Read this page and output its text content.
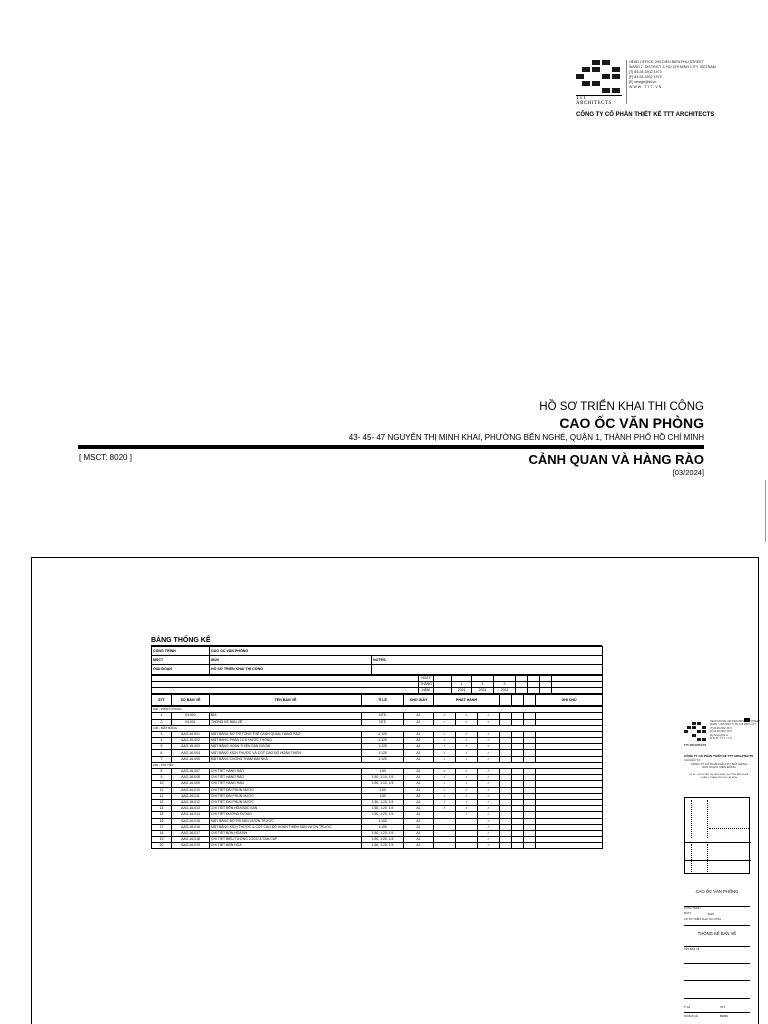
TTT ARCHITECTS
HEAD OFFICE: 290 DIEN BIEN PHU STREET
WARD 7, DISTRICT 3, HO CHI MINH CITY, VIETNAM
[T] 84-28-3932 1973
[F] 84-28-3932 1975
[E] design@ttt.vn
W W W . T T T . V N
CÔNG TY CỔ PHẦN THIẾT KẾ TTT ARCHITECTS
HỒ SƠ TRIỂN KHAI THI CÔNG
CAO ỐC VĂN PHÒNG
43- 45- 47 NGUYỄN THỊ MINH KHAI, PHƯỜNG BẾN NGHÉ, QUẬN 1, THÀNH PHỐ HỒ CHÍ MINH
[ MSCT: 8020 ]	CẢNH QUAN VÀ HÀNG RÀO
[03/2024]
BẢNG THỐNG KÊ
CÔNG TRÌNH	CAO ỐC VĂN PHÒNG	
MSCT	8020	NOTES:
GIAI ĐOẠN	HỒ SƠ TRIỂN KHAI THI CÔNG	
	NGÀY								
	THÁNG		1	3	3				
	NĂM		2024	2024	2024				
STT	SỐ BẢN VẼ	TÊN BẢN VẼ	TỈ LỆ	KHỔ GIẤY	PHÁT HÀNH				GHI CHÚ
000 - PHẦN CHUNG											
1	IN-000	BÌA	NTS	A1	✓	✓	✓				
2	IN-001	THỐNG KÊ BẢN VẼ	NTS	A1	✓	✓	✓				
100 - MẶT BẰNG											
3	AAG-16-001	MẶT BẰNG BỐ TRÍ TỔNG THỂ CẢNH QUAN, HÀNG RÀO	1:120	A1	✓	✓	✓				
4	AAG-16-002	MẶT BẰNG PHÂN LƯU NƯỚC THÔNG	1:120	A1	✓	✓	✓				
5	AAG-16-003	MẶT BẰNG HOÀN THIỆN SÂN NGOÀI	1:120	A1	✓	✓	✓				
6	AAG-16-004	MẶT BẰNG KÍCH THƯỚC VÀ CỐT CAO ĐỘ HOÀN THIỆN	1:120	A1	✓	✓	✓				
7	AAG-16-005	MẶT BẰNG CHỐNG THẤM MÁI NHÀ	1:120	A1	✓	✓	✓				
200 - CHI TIẾT											
8	AAG-16-007	CHI TIẾT HÀNG RÀO	1:50	A1	✓	✓	✓				
9	AAG-16-008	CHI TIẾT HÀNG RÀO	1:50, 1:10, 1:5	A1	✓	✓	✓				
10	AAG-16-009	CHI TIẾT HÀNG RÀO	1:50, 1:10, 1:5	A1	✓	✓	✓				
11	AAG-16-010	CHI TIẾT ĐÀI PHUN NƯỚC	1:50	A1	✓	✓	✓				
12	AAG-16-011	CHI TIẾT ĐÀI PHUN NƯỚC	1:50	A1	✓	✓	✓				
13	AAG-16-012	CHI TIẾT ĐÀI PHUN NƯỚC	1:50, 1:20, 1:5	A1	✓	✓	✓				
14	AAG-16-013	CHI TIẾT BỒN HOA BẬC SÀN	1:50, 1:20, 1:5	A1	✓	✓	✓				
15	AAG-16-014	CHI TIẾT ĐƯỜNG ĐI DẠO	1:50, 1:20, 1:5	A1		✓	✓				
16	AAG-16-015	MẶT BẰNG BỐ TRÍ SÂN VƯỜN TRƯỚC	1:100	A1			✓				
17	AAG-16-016	MẶT BẰNG KÍCH THƯỚC & COT CAO ĐỘ HOÀN THIỆN SÂN VƯỜN TRƯỚC	1:100	A1			✓				
18	AAG-16-017	CHI TIẾT BỒN HOA BH	1:50, 1:20, 1:5	A1			✓				
19	AAG-16-018	CHI TIẾT BIỂU TƯỢNG LOGO & TAM CẤP	1:50, 1:20, 1:5	A1			✓				
20	AAG-16-019	CHI TIẾT BỒN HOA	1:50, 1:20, 1:5	A1			✓				
TTT ARCHITECTS
HEAD OFFICE: 290 DIEN BIEN PHU STREET
WARD 7, DISTRICT 3, HO CHI MINH CITY
[T] 84-28-3932 1973
[F] 84-28-3932 1975
[E] design@ttt.vn
W W W . T T T . V N
CÔNG TY CỔ PHẦN THIẾT KẾ TTT ARCHITECTS
CHỦ ĐẦU TƯ
CÔNG TY CỔ PHẦN ĐẦU TƯ BẤT ĐỘNG SẢN NGỌC VIỄN ĐÔNG
43- 45- 47 NGUYỄN THỊ MINH KHAI, PHƯỜNG BẾN NGHÉ, QUẬN 1, THÀNH PHỐ HỒ CHÍ MINH
CAO ỐC VĂN PHÒNG
CÔNG TRÌNH
MSCT	8020
HỒ SƠ TRIỂN KHAI THI CÔNG
THỐNG KÊ BẢN VẼ
TÊN BẢN VẼ
TỈ LỆ	NTS
SỐ BẢN VẼ	IN-001
